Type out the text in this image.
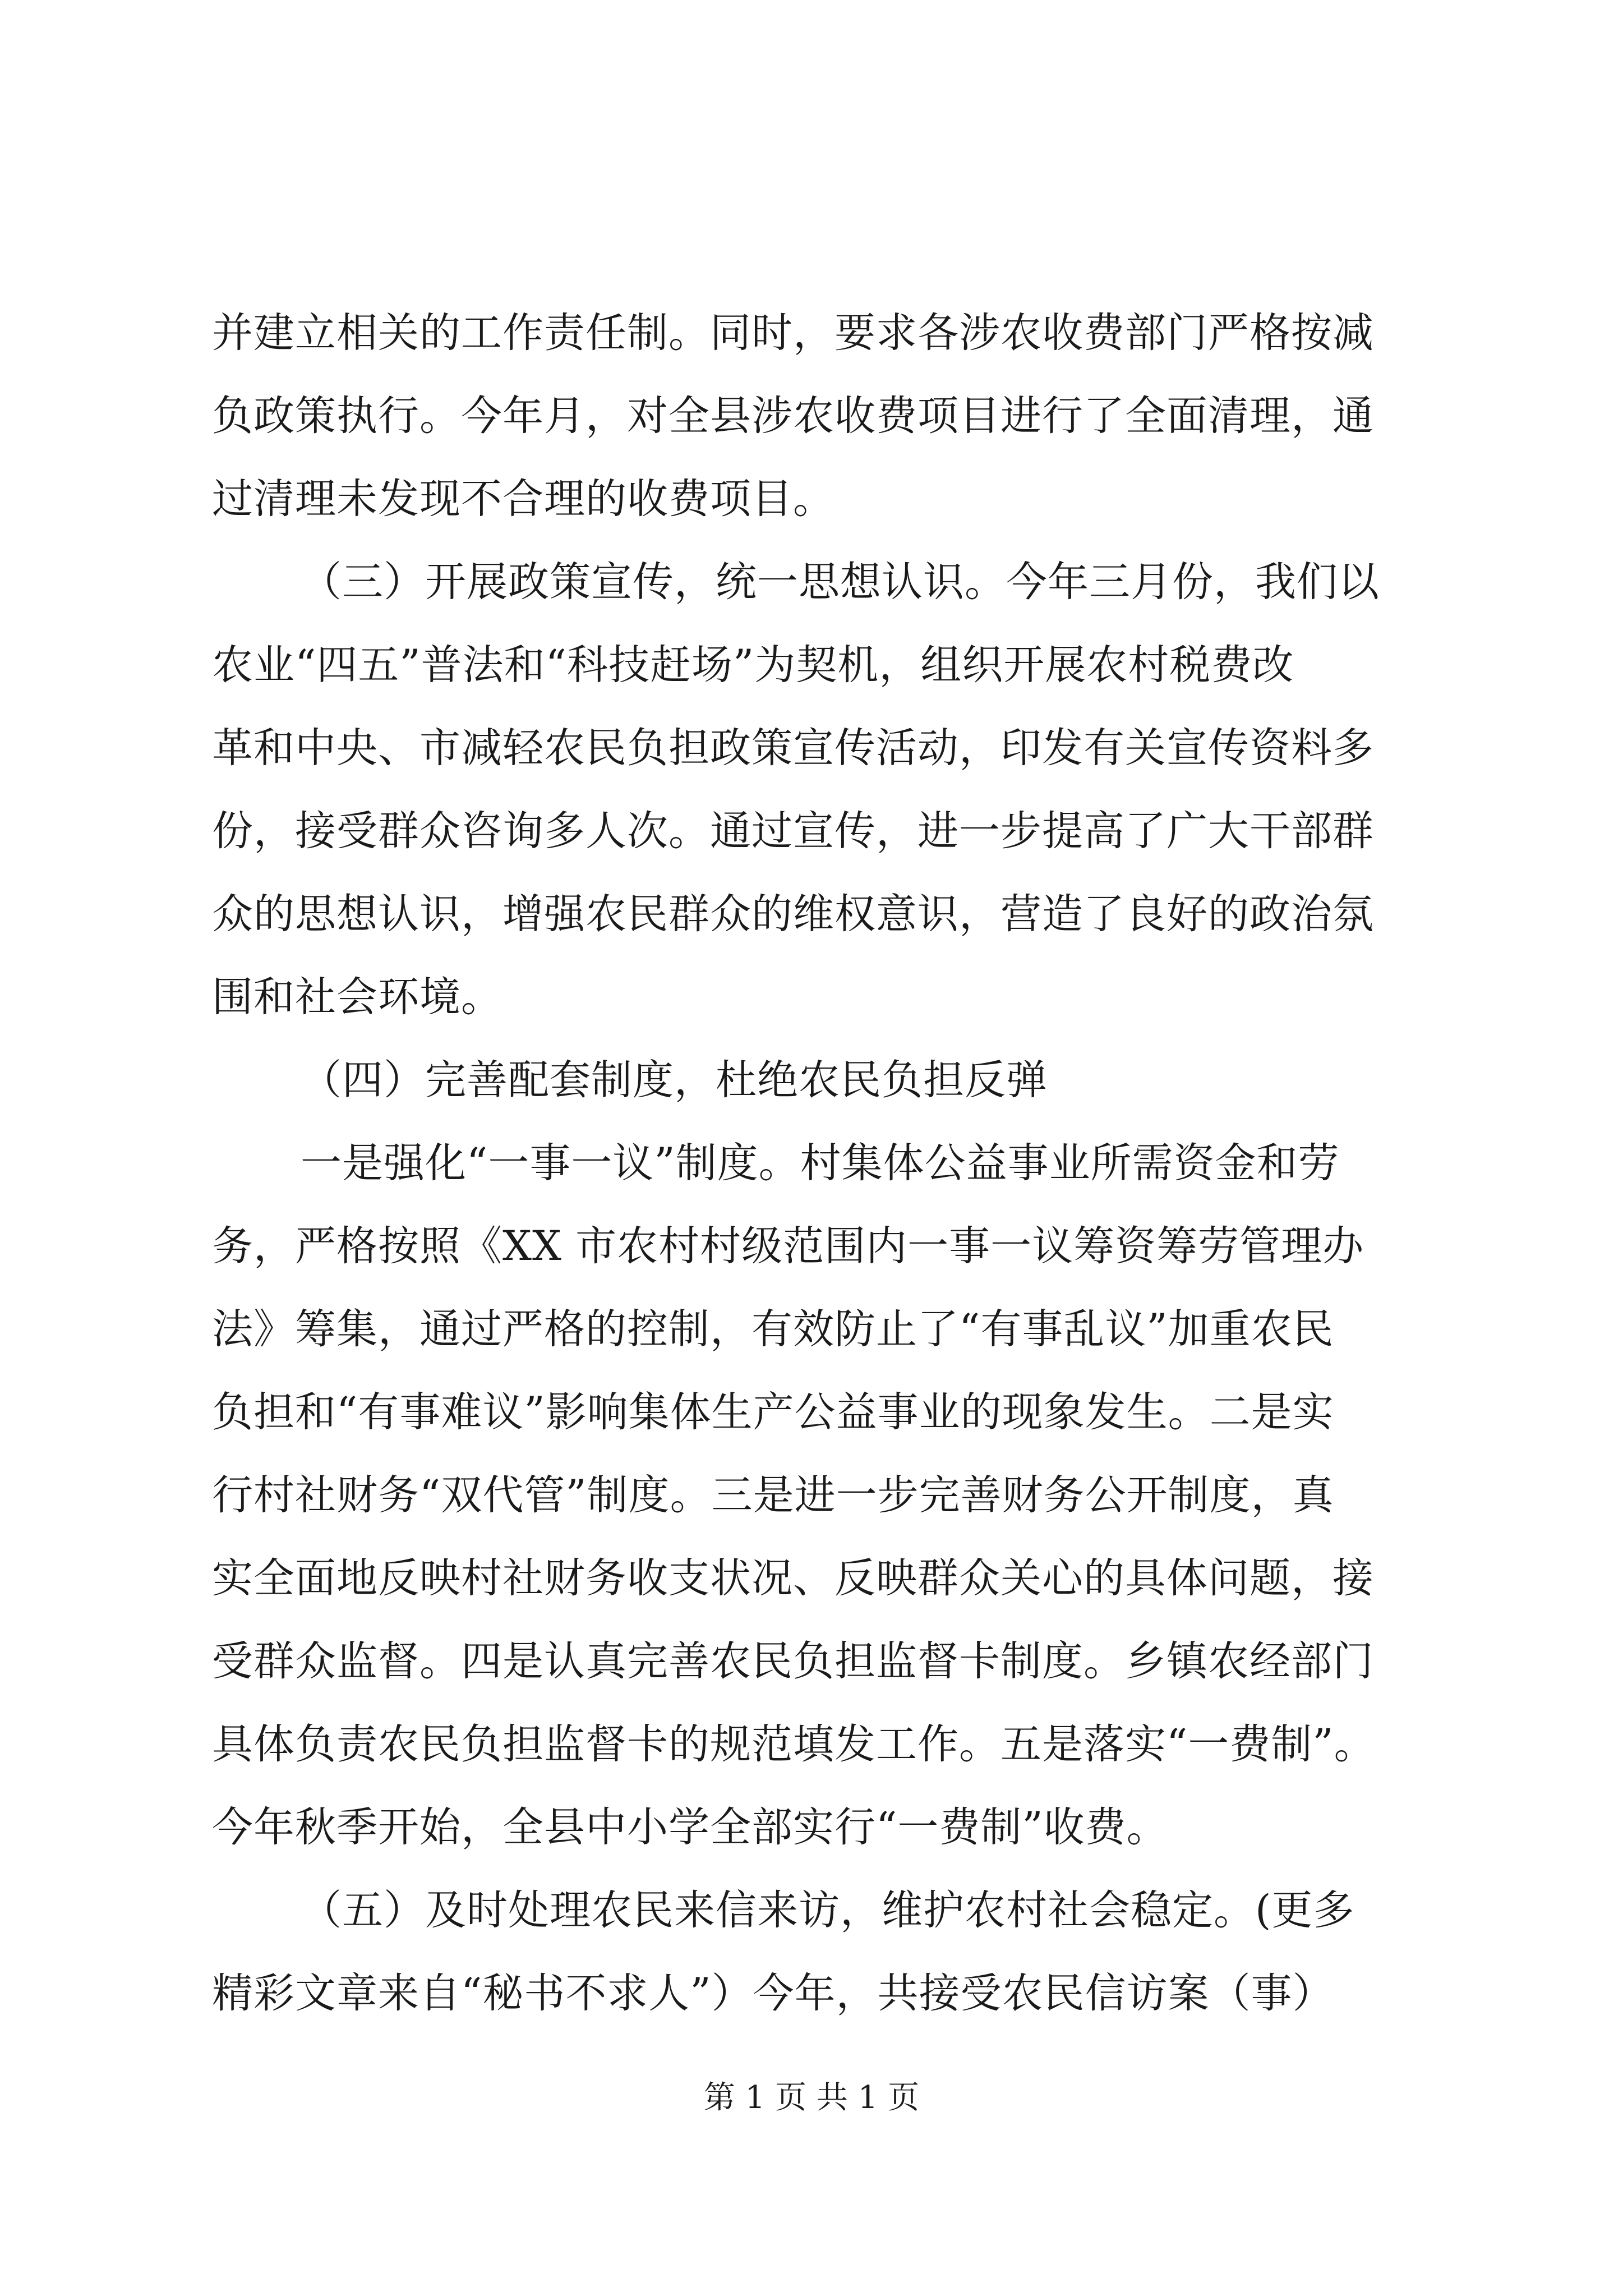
并建立相关的工作责任制。同时，要求各涉农收费部门严格按减
负政策执行。今年月，对全县涉农收费项目进行了全面清理，通
过清理未发现不合理的收费项目。
（三）开展政策宣传，统一思想认识。今年三月份，我们以
农业“四五”普法和“科技赶场”为契机，组织开展农村税费改
革和中央、市减轻农民负担政策宣传活动，印发有关宣传资料多
份，接受群众咨询多人次。通过宣传，进一步提高了广大干部群
众的思想认识，增强农民群众的维权意识，营造了良好的政治氛
围和社会环境。
（四）完善配套制度，杜绝农民负担反弹
一是强化“一事一议”制度。村集体公益事业所需资金和劳
务，严格按照《XX 市农村村级范围内一事一议筹资筹劳管理办
法》筹集，通过严格的控制，有效防止了“有事乱议”加重农民
负担和“有事难议”影响集体生产公益事业的现象发生。二是实
行村社财务“双代管”制度。三是进一步完善财务公开制度，真
实全面地反映村社财务收支状况、反映群众关心的具体问题，接
受群众监督。四是认真完善农民负担监督卡制度。乡镇农经部门
具体负责农民负担监督卡的规范填发工作。五是落实“一费制”。
今年秋季开始，全县中小学全部实行“一费制”收费。
（五）及时处理农民来信来访，维护农村社会稳定。(更多
精彩文章来自“秘书不求人”）今年，共接受农民信访案（事）
第 1 页 共 1 页
